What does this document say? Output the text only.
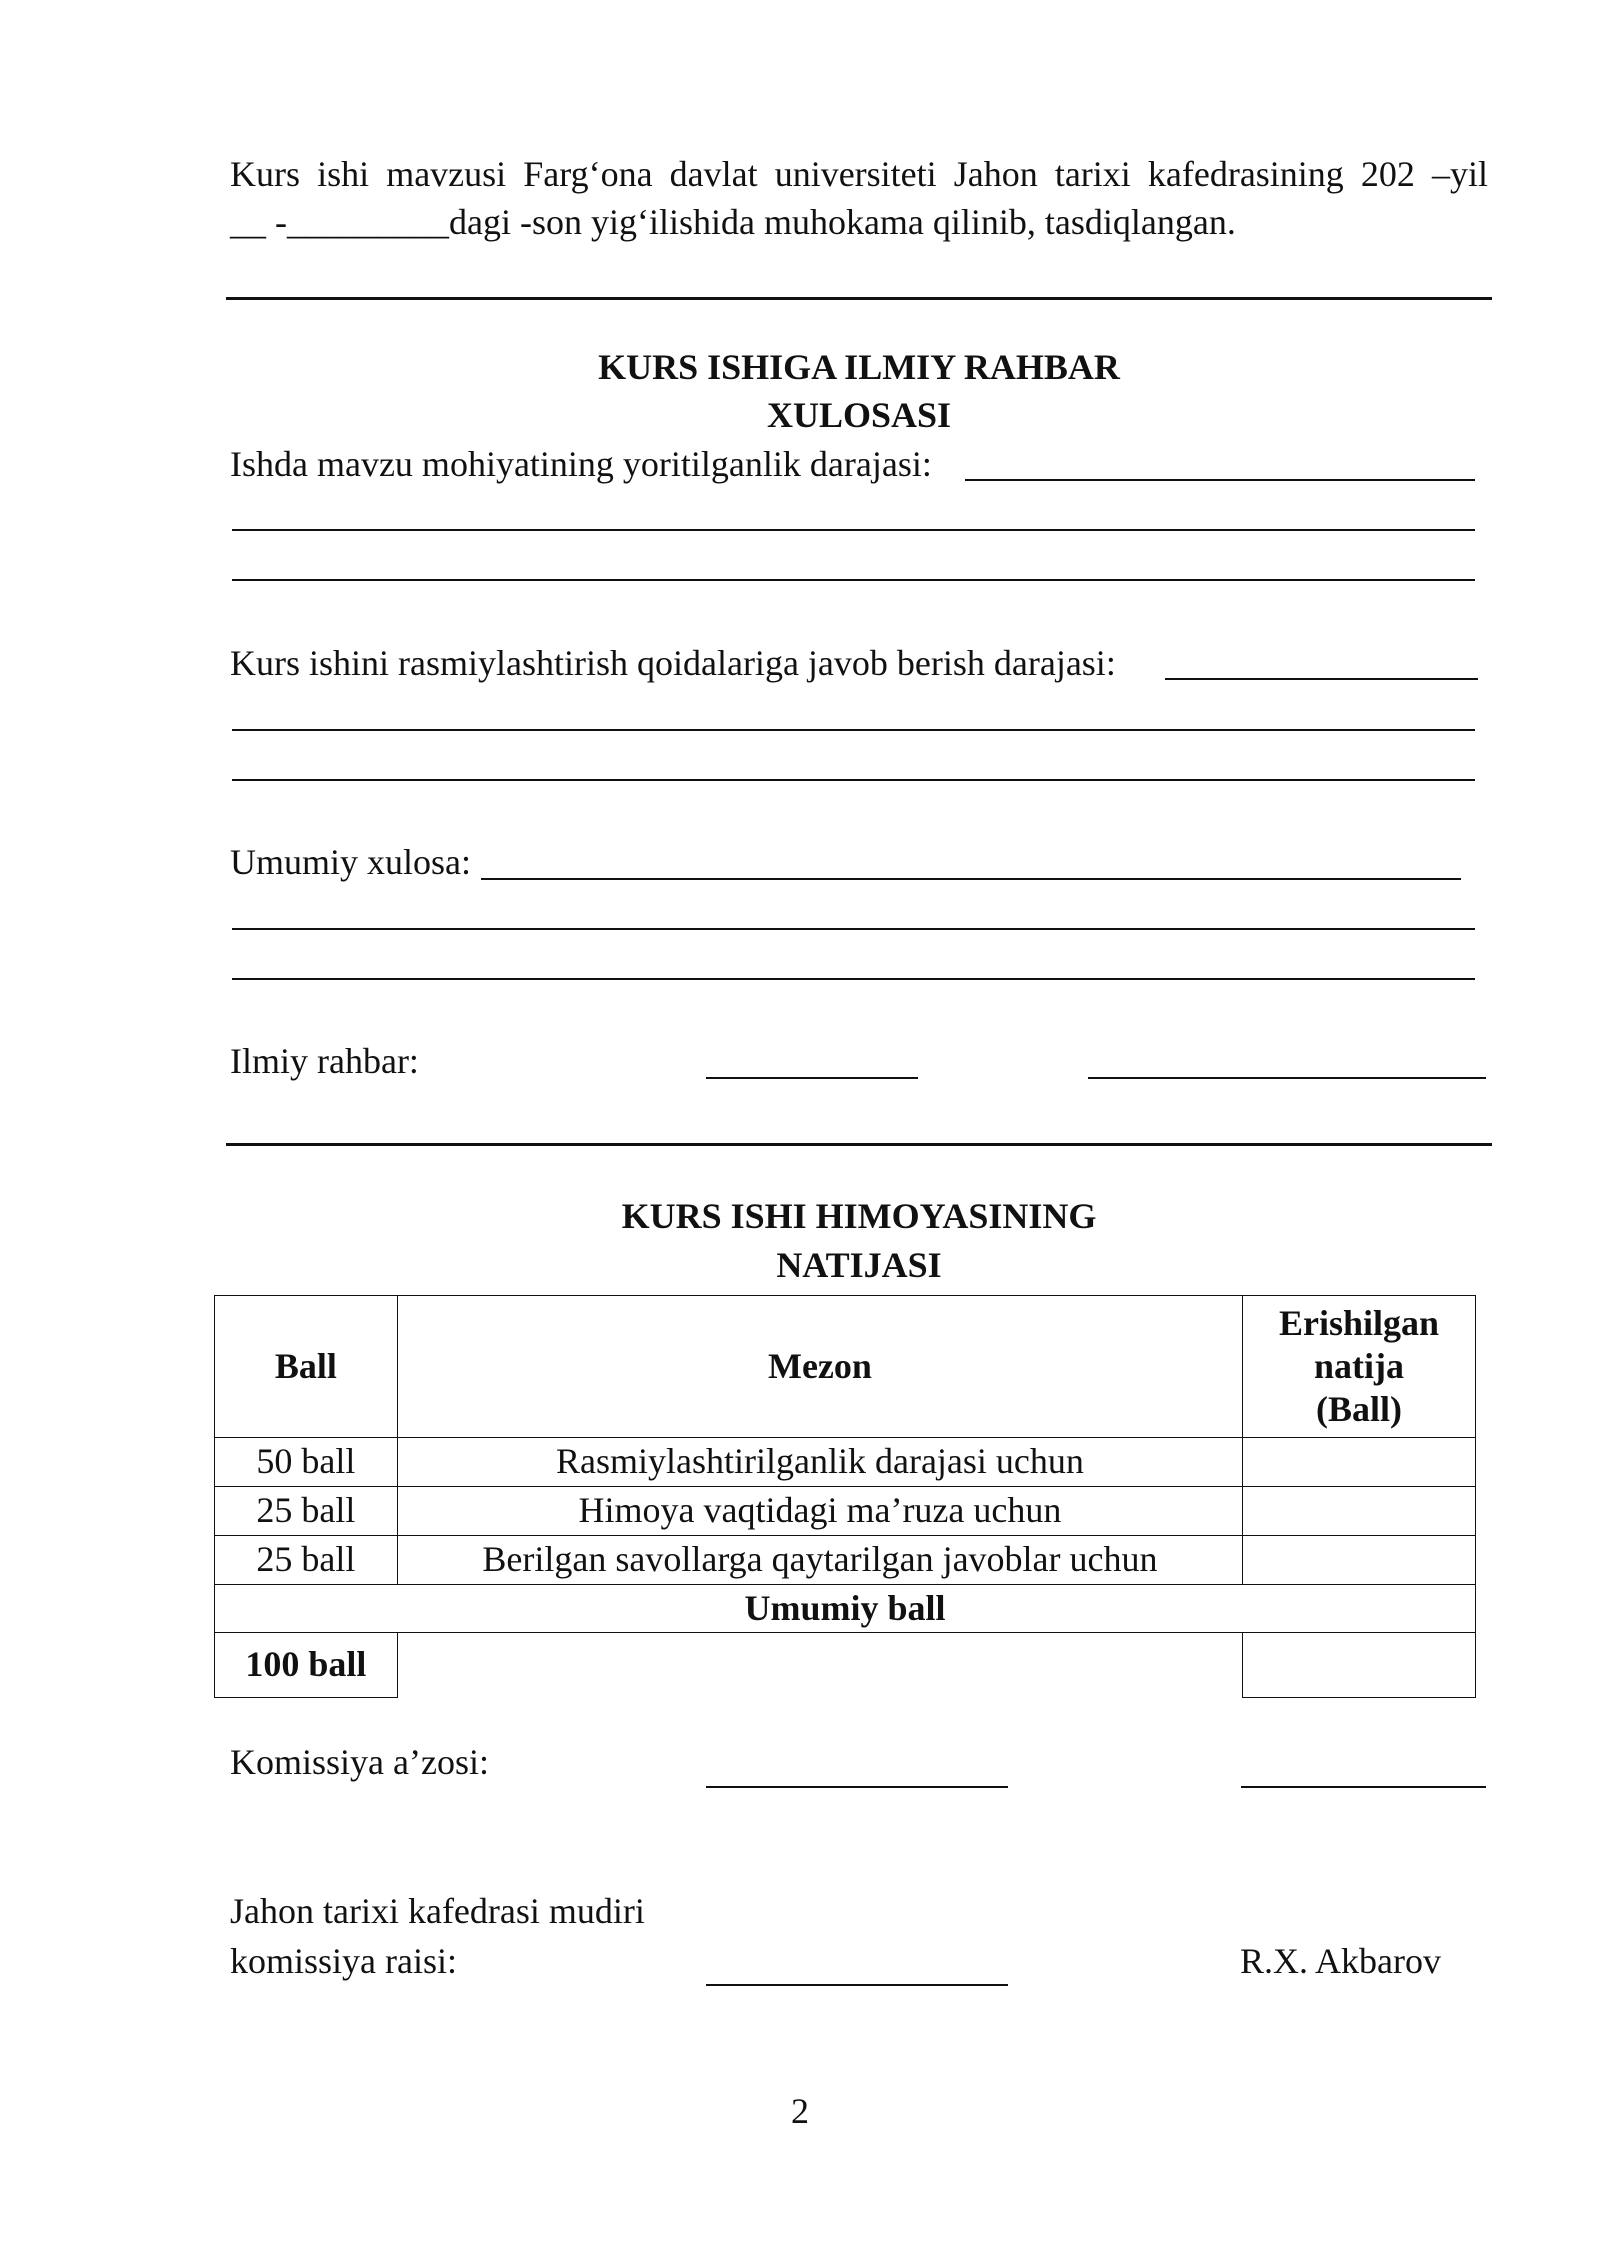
Kurs ishi mavzusi Farg‘ona davlat universiteti Jahon tarixi kafedrasining 202 –yil
__ -_________dagi -son yig‘ilishida muhokama qilinib, tasdiqlangan.
KURS ISHIGA ILMIY RAHBAR
XULOSASI
Ishda mavzu mohiyatining yoritilganlik darajasi:
Kurs ishini rasmiylashtirish qoidalariga javob berish darajasi:
Umumiy xulosa:
Ilmiy rahbar:
KURS ISHI HIMOYASINING
NATIJASI
Ball	Mezon	Erishilgan
natija
(Ball)

50 ball	Rasmiylashtirilganlik darajasi uchun	
25 ball	Himoya vaqtidagi ma’ruza uchun	
25 ball	Berilgan savollarga qaytarilgan javoblar uchun	
Umumiy ball		
100 ball		
Komissiya a’zosi:
Jahon tarixi kafedrasi mudiri
komissiya raisi:	R.X. Akbarov
2
